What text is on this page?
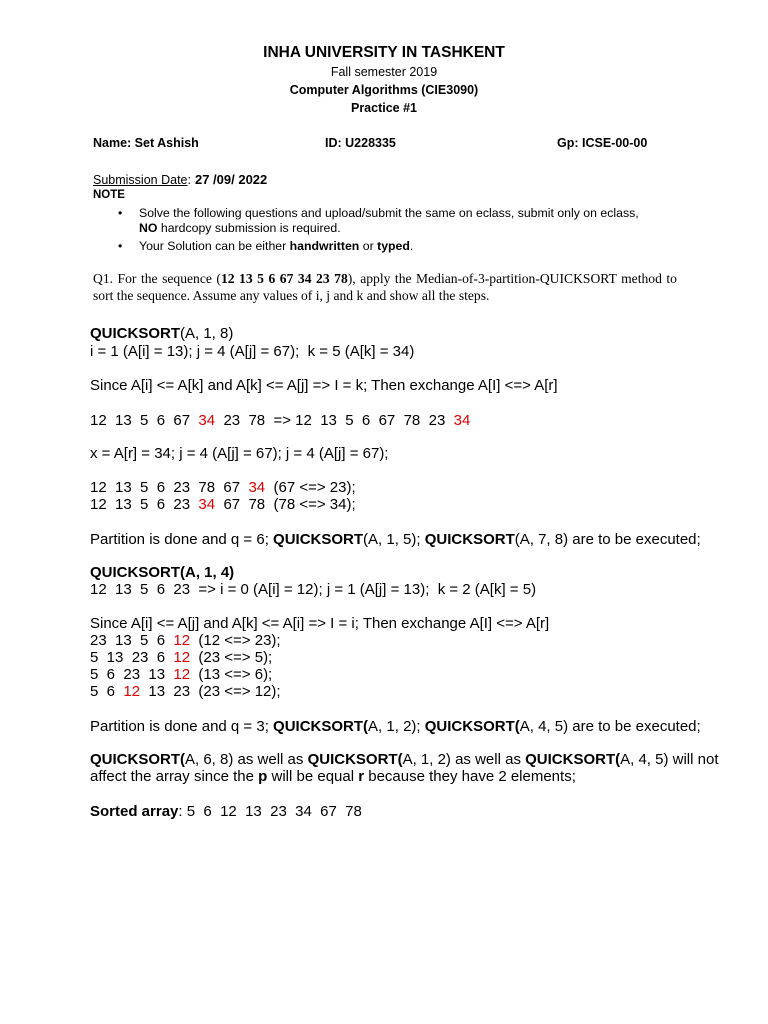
INHA UNIVERSITY IN TASHKENT
Fall semester 2019
Computer Algorithms (CIE3090)
Practice #1
Name: Set Ashish	ID: U228335	Gp: ICSE-00-00
Submission Date: 27 /09/ 2022
NOTE
• Solve the following questions and upload/submit the same on eclass, submit only on eclass,
NO hardcopy submission is required.
• Your Solution can be either handwritten or typed.
Q1. For the sequence (12 13 5 6 67 34 23 78), apply the Median-of-3-partition-QUICKSORT method to sort the sequence. Assume any values of i, j and k and show all the steps.
QUICKSORT(A, 1, 8)
i = 1 (A[i] = 13); j = 4 (A[j] = 67);  k = 5 (A[k] = 34)
Since A[i] <= A[k] and A[k] <= A[j] => I = k; Then exchange A[I] <=> A[r]
12  13  5  6  67  34  23  78  => 12  13  5  6  67  78  23  34
x = A[r] = 34; j = 4 (A[j] = 67); j = 4 (A[j] = 67);
12  13  5  6  23  78  67  34  (67 <=> 23);
12  13  5  6  23  34  67  78  (78 <=> 34);
Partition is done and q = 6; QUICKSORT(A, 1, 5); QUICKSORT(A, 7, 8) are to be executed;
QUICKSORT(A, 1, 4)
12  13  5  6  23  => i = 0 (A[i] = 12); j = 1 (A[j] = 13);  k = 2 (A[k] = 5)
Since A[i] <= A[j] and A[k] <= A[i] => I = i; Then exchange A[I] <=> A[r]
23  13  5  6  12  (12 <=> 23);
5  13  23  6  12  (23 <=> 5);
5  6  23  13  12  (13 <=> 6);
5  6  12  13  23  (23 <=> 12);
Partition is done and q = 3; QUICKSORT(A, 1, 2); QUICKSORT(A, 4, 5) are to be executed;
QUICKSORT(A, 6, 8) as well as QUICKSORT(A, 1, 2) as well as QUICKSORT(A, 4, 5) will not
affect the array since the p will be equal r because they have 2 elements;
Sorted array: 5  6  12  13  23  34  67  78
